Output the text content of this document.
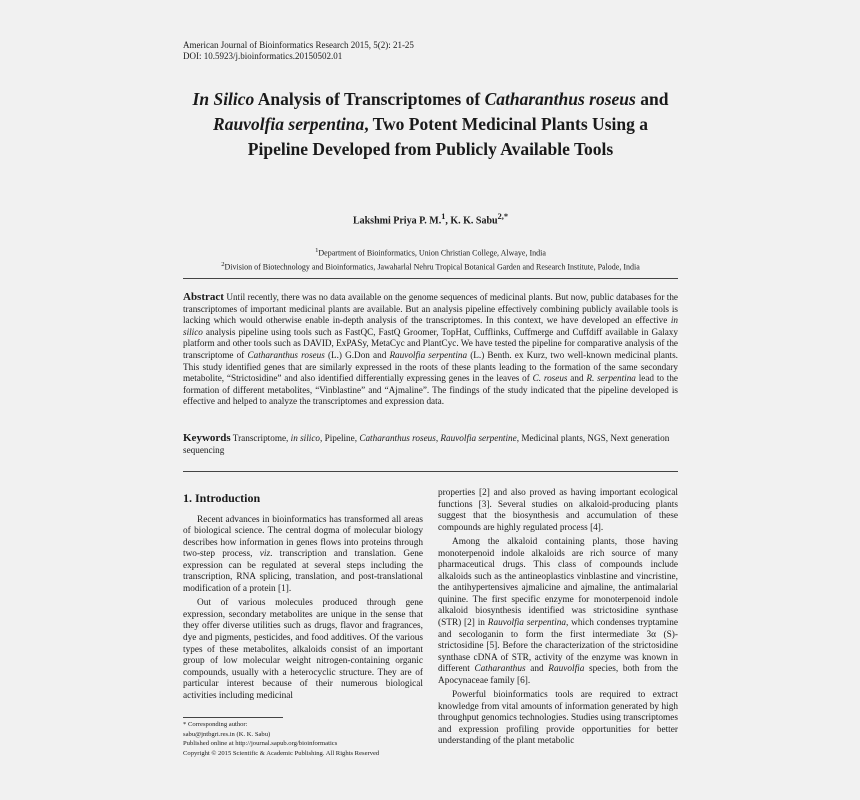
American Journal of Bioinformatics Research 2015, 5(2): 21-25
DOI: 10.5923/j.bioinformatics.20150502.01
In Silico Analysis of Transcriptomes of Catharanthus roseus and Rauvolfia serpentina, Two Potent Medicinal Plants Using a Pipeline Developed from Publicly Available Tools
Lakshmi Priya P. M.$^1$, K. K. Sabu$^{2,*}$
$^1$Department of Bioinformatics, Union Christian College, Alwaye, India
$^2$Division of Biotechnology and Bioinformatics, Jawaharlal Nehru Tropical Botanical Garden and Research Institute, Palode, India
Abstract Until recently, there was no data available on the genome sequences of medicinal plants. But now, public databases for the transcriptomes of important medicinal plants are available. But an analysis pipeline effectively combining publicly available tools is lacking which would otherwise enable in-depth analysis of the transcriptomes. In this context, we have developed an effective in silico analysis pipeline using tools such as FastQC, FastQ Groomer, TopHat, Cufflinks, Cuffmerge and Cuffdiff available in Galaxy platform and other tools such as DAVID, ExPASy, MetaCyc and PlantCyc. We have tested the pipeline for comparative analysis of the transcriptome of Catharanthus roseus (L.) G.Don and Rauvolfia serpentina (L.) Benth. ex Kurz, two well-known medicinal plants. This study identified genes that are similarly expressed in the roots of these plants leading to the formation of the same secondary metabolite, “Strictosidine” and also identified differentially expressing genes in the leaves of C. roseus and R. serpentina lead to the formation of different metabolites, “Vinblastine” and “Ajmaline”. The findings of the study indicated that the pipeline developed is effective and helped to analyze the transcriptomes and expression data.
Keywords Transcriptome, in silico, Pipeline, Catharanthus roseus, Rauvolfia serpentine, Medicinal plants, NGS, Next generation sequencing
1. Introduction

Recent advances in bioinformatics has transformed all areas of biological science. The central dogma of molecular biology describes how information in genes flows into proteins through two-step process, viz. transcription and translation. Gene expression can be regulated at several steps including the transcription, RNA splicing, translation, and post-translational modification of a protein [1].

Out of various molecules produced through gene expression, secondary metabolites are unique in the sense that they offer diverse utilities such as drugs, flavor and fragrances, dye and pigments, pesticides, and food additives. Of the various types of these metabolites, alkaloids consist of an important group of low molecular weight nitrogen-containing organic compounds, usually with a heterocyclic structure. They are of particular interest because of their numerous biological activities including medicinal

properties [2] and also proved as having important ecological functions [3]. Several studies on alkaloid-producing plants suggest that the biosynthesis and accumulation of these compounds are highly regulated process [4].

Among the alkaloid containing plants, those having monoterpenoid indole alkaloids are rich source of many pharmaceutical drugs. This class of compounds include alkaloids such as the antineoplastics vinblastine and vincristine, the antihypertensives ajmalicine and ajmaline, the antimalarial quinine. The first specific enzyme for monoterpenoid indole alkaloid biosynthesis identified was strictosidine synthase (STR) [2] in Rauvolfia serpentina, which condenses tryptamine and secologanin to form the first intermediate 3α (S)-strictosidine [5]. Before the characterization of the strictosidine synthase cDNA of STR, activity of the enzyme was known in different Catharanthus and Rauvolfia species, both from the Apocynaceae family [6].

Powerful bioinformatics tools are required to extract knowledge from vital amounts of information generated by high throughput genomics technologies. Studies using transcriptomes and expression profiling provide opportunities for better understanding of the plant metabolic

* Corresponding author:
sabu@jntbgri.res.in (K. K. Sabu)
Published online at http://journal.sapub.org/bioinformatics
Copyright © 2015 Scientific & Academic Publishing. All Rights Reserved
